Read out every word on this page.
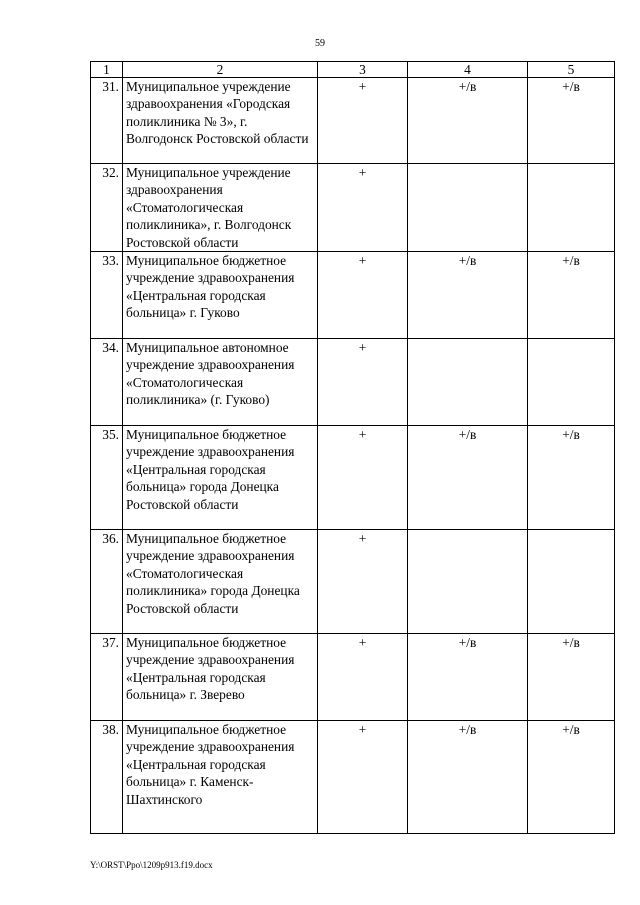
59
1	2	3	4	5
31.	Муниципальное учреждение здравоохранения «Городская поликлиника № 3», г. Волгодонск Ростовской области	+	+/в	+/в
32.	Муниципальное учреждение здравоохранения «Стоматологическая поликлиника», г. Волгодонск Ростовской области	+		
33.	Муниципальное бюджетное учреждение здравоохранения «Центральная городская больница» г. Гуково	+	+/в	+/в
34.	Муниципальное автономное учреждение здравоохранения «Стоматологическая поликлиника» (г. Гуково)	+		
35.	Муниципальное бюджетное учреждение здравоохранения «Центральная городская больница» города Донецка Ростовской области	+	+/в	+/в
36.	Муниципальное бюджетное учреждение здравоохранения «Стоматологическая поликлиника» города Донецка Ростовской области	+		
37.	Муниципальное бюджетное учреждение здравоохранения «Центральная городская больница» г. Зверево	+	+/в	+/в
38.	Муниципальное бюджетное учреждение здравоохранения «Центральная городская больница» г. Каменск-Шахтинского	+	+/в	+/в
Y:\ORST\Ppo\1209p913.f19.docx
